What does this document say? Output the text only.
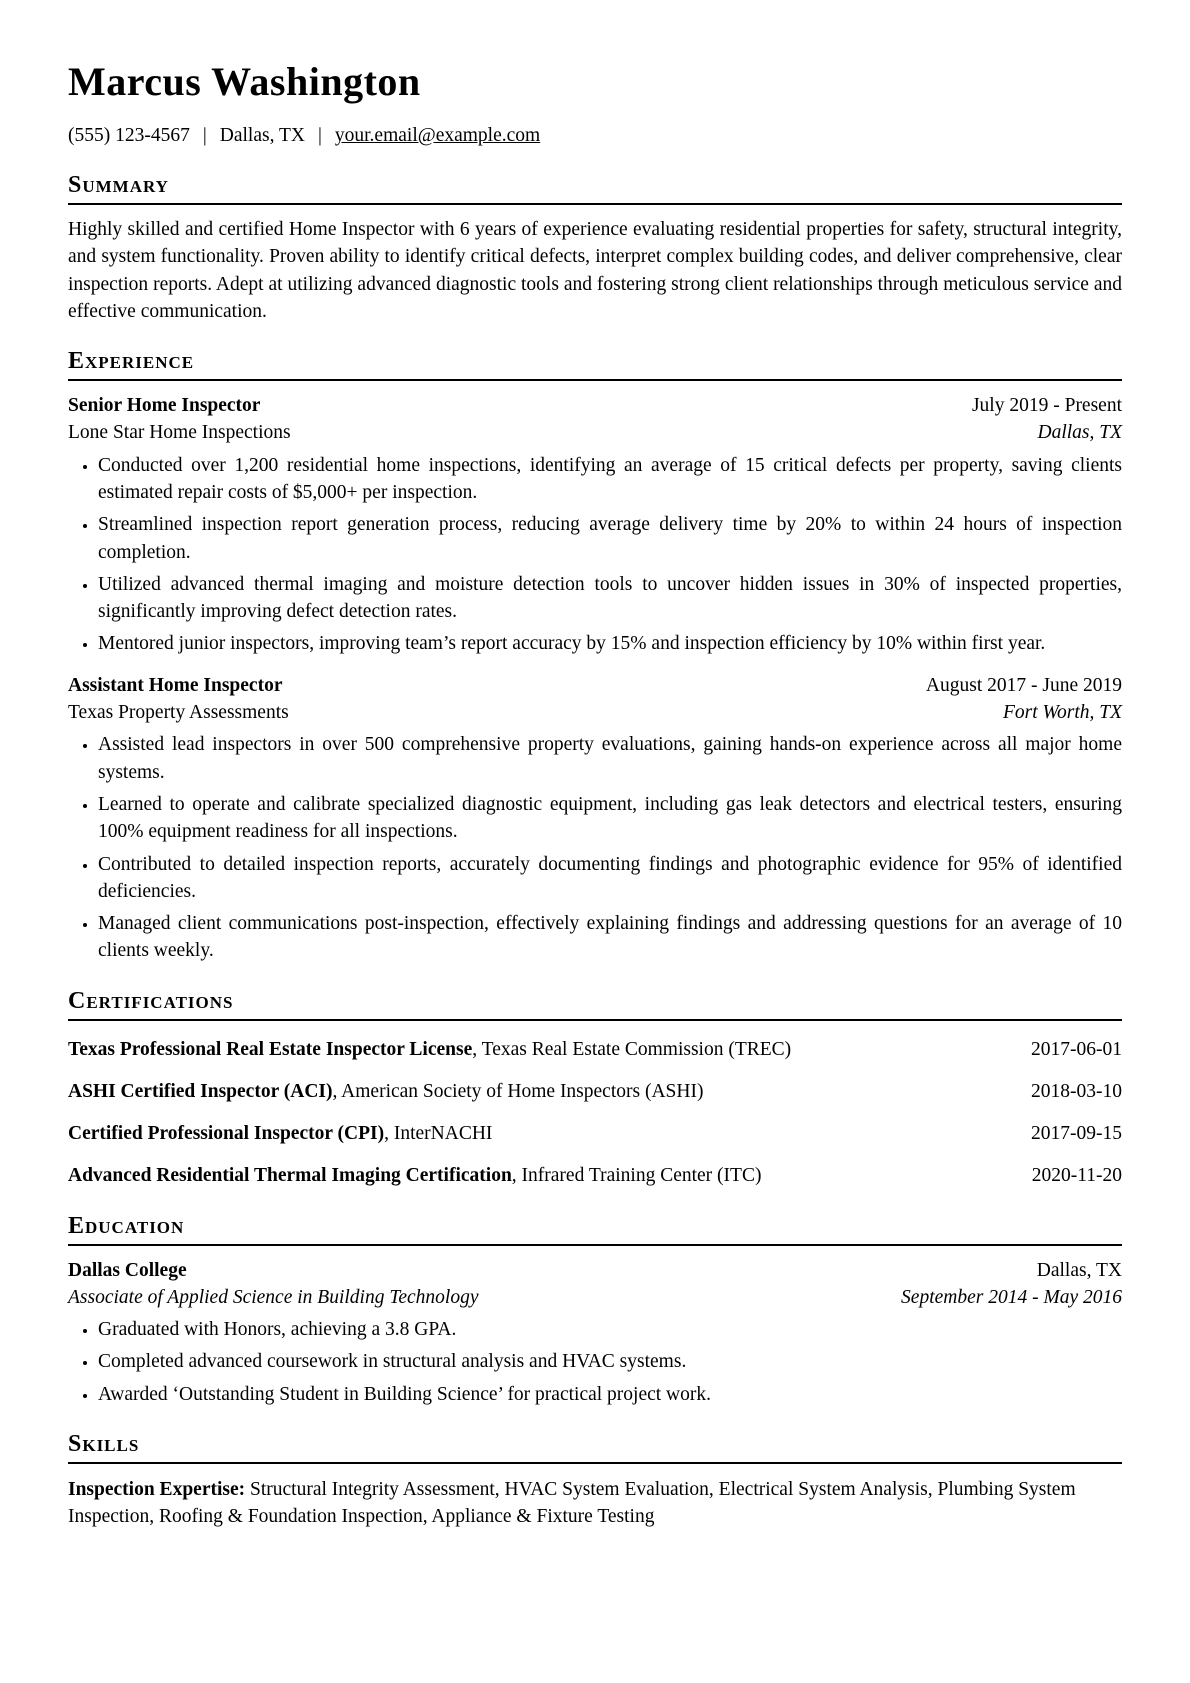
Marcus Washington
(555) 123-4567 | Dallas, TX | your.email@example.com
Summary

Highly skilled and certified Home Inspector with 6 years of experience evaluating residential properties for safety, structural integrity, and system functionality. Proven ability to identify critical defects, interpret complex building codes, and deliver comprehensive, clear inspection reports. Adept at utilizing advanced diagnostic tools and fostering strong client relationships through meticulous service and effective communication.

Experience
Senior Home Inspector	July 2019 - Present
Lone Star Home Inspections	Dallas, TX
• Conducted over 1,200 residential home inspections, identifying an average of 15 critical defects per property, saving clients estimated repair costs of $5,000+ per inspection.
• Streamlined inspection report generation process, reducing average delivery time by 20% to within 24 hours of inspection completion.
• Utilized advanced thermal imaging and moisture detection tools to uncover hidden issues in 30% of inspected properties, significantly improving defect detection rates.
• Mentored junior inspectors, improving team’s report accuracy by 15% and inspection efficiency by 10% within first year.
Assistant Home Inspector	August 2017 - June 2019
Texas Property Assessments	Fort Worth, TX
• Assisted lead inspectors in over 500 comprehensive property evaluations, gaining hands-on experience across all major home systems.
• Learned to operate and calibrate specialized diagnostic equipment, including gas leak detectors and electrical testers, ensuring 100% equipment readiness for all inspections.
• Contributed to detailed inspection reports, accurately documenting findings and photographic evidence for 95% of identified deficiencies.
• Managed client communications post-inspection, effectively explaining findings and addressing questions for an average of 10 clients weekly.
Certifications
Texas Professional Real Estate Inspector License, Texas Real Estate Commission (TREC)	2017-06-01
ASHI Certified Inspector (ACI), American Society of Home Inspectors (ASHI)	2018-03-10
Certified Professional Inspector (CPI), InterNACHI	2017-09-15
Advanced Residential Thermal Imaging Certification, Infrared Training Center (ITC)	2020-11-20
Education
Dallas College	Dallas, TX
Associate of Applied Science in Building Technology	September 2014 - May 2016
• Graduated with Honors, achieving a 3.8 GPA.
• Completed advanced coursework in structural analysis and HVAC systems.
• Awarded ‘Outstanding Student in Building Science’ for practical project work.
Skills

Inspection Expertise: Structural Integrity Assessment, HVAC System Evaluation, Electrical System Analysis, Plumbing System Inspection, Roofing & Foundation Inspection, Appliance & Fixture Testing
